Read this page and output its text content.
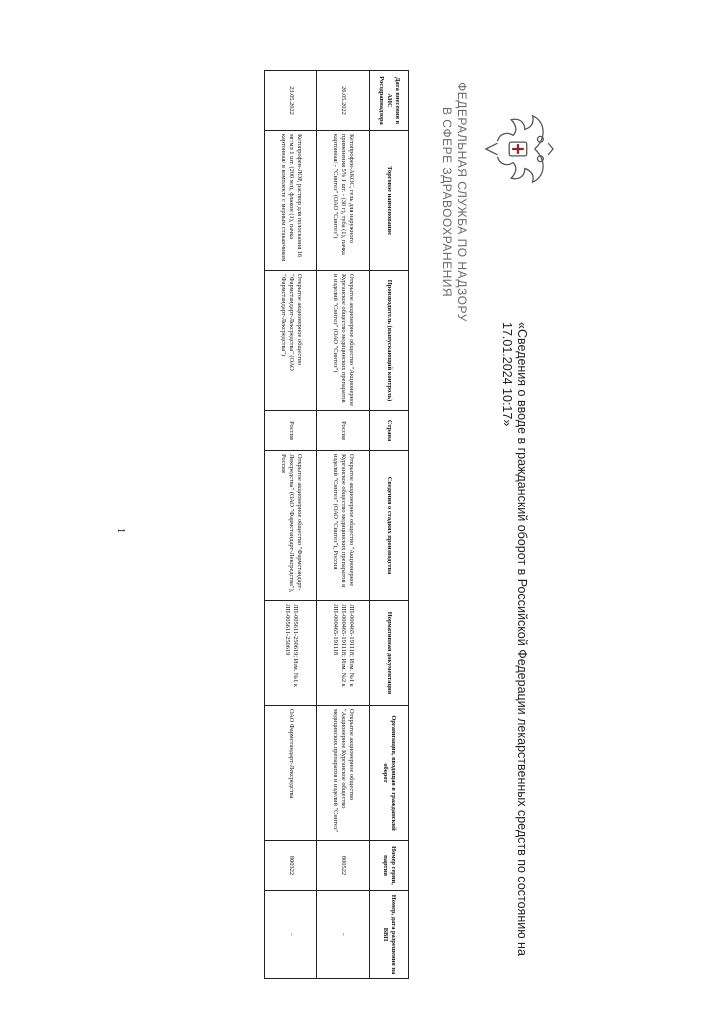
«Сведения о вводе в гражданский оборот в Российской Федерации лекарственных средств по состоянию на 17.01.2024 10:17»
ФЕДЕРАЛЬНАЯ СЛУЖБА ПО НАДЗОРУ
В СФЕРЕ ЗДРАВООХРАНЕНИЯ
Дата внесения в АИС Росздравнадзора	Торговое наименование	Производитель (выпускающий контроль)	Страна	Сведения о стадиях производства	Нормативная документация	Организация, вводящая в гражданский оборот	Номер серии, партии	Номер, дата разрешения на ВВП
26.05.2022	Кетопрофен-АКОС, гель для наружного применения 5% 1 шт. - (30 г), туба (1), пачка картонная/ - "Синтез" (ОАО "Синтез")	Открытое акционерное общество "Акционерное Курганское общество медицинских препаратов и изделий "Синтез" (ОАО "Синтез")	Россия	Открытое акционерное общество "Акционерное Курганское общество медицинских препаратов и изделий "Синтез" (ОАО "Синтез"), Россия	ЛП-000465-191118; Изм. №1 к ЛП-000465-191118; Изм. №2 к ЛП-000465-191118	Открытое акционерное общество "Акционерное Курганское общество медицинских препаратов и изделий "Синтез"	800522	-
23.05.2022	Кетопрофен-ЛОР, раствор для полоскания 16 мг/мл 1 шт. (200 мл), флакон (1), пачка картонная/ в комплекте с мерным стаканчиком	Открытое акционерное общество "Фармстандарт-Лексредства" (ОАО "Фармстандарт-Лексредства")	Россия	Открытое акционерное общество "Фармстандарт-Лексредства" (ОАО "Фармстандарт-Лексредства"), Россия	ЛП-005611-250619; Изм. №1 к ЛП-005611-250619	ОАО Фармстандарт-Лексредства	800322	-
1
